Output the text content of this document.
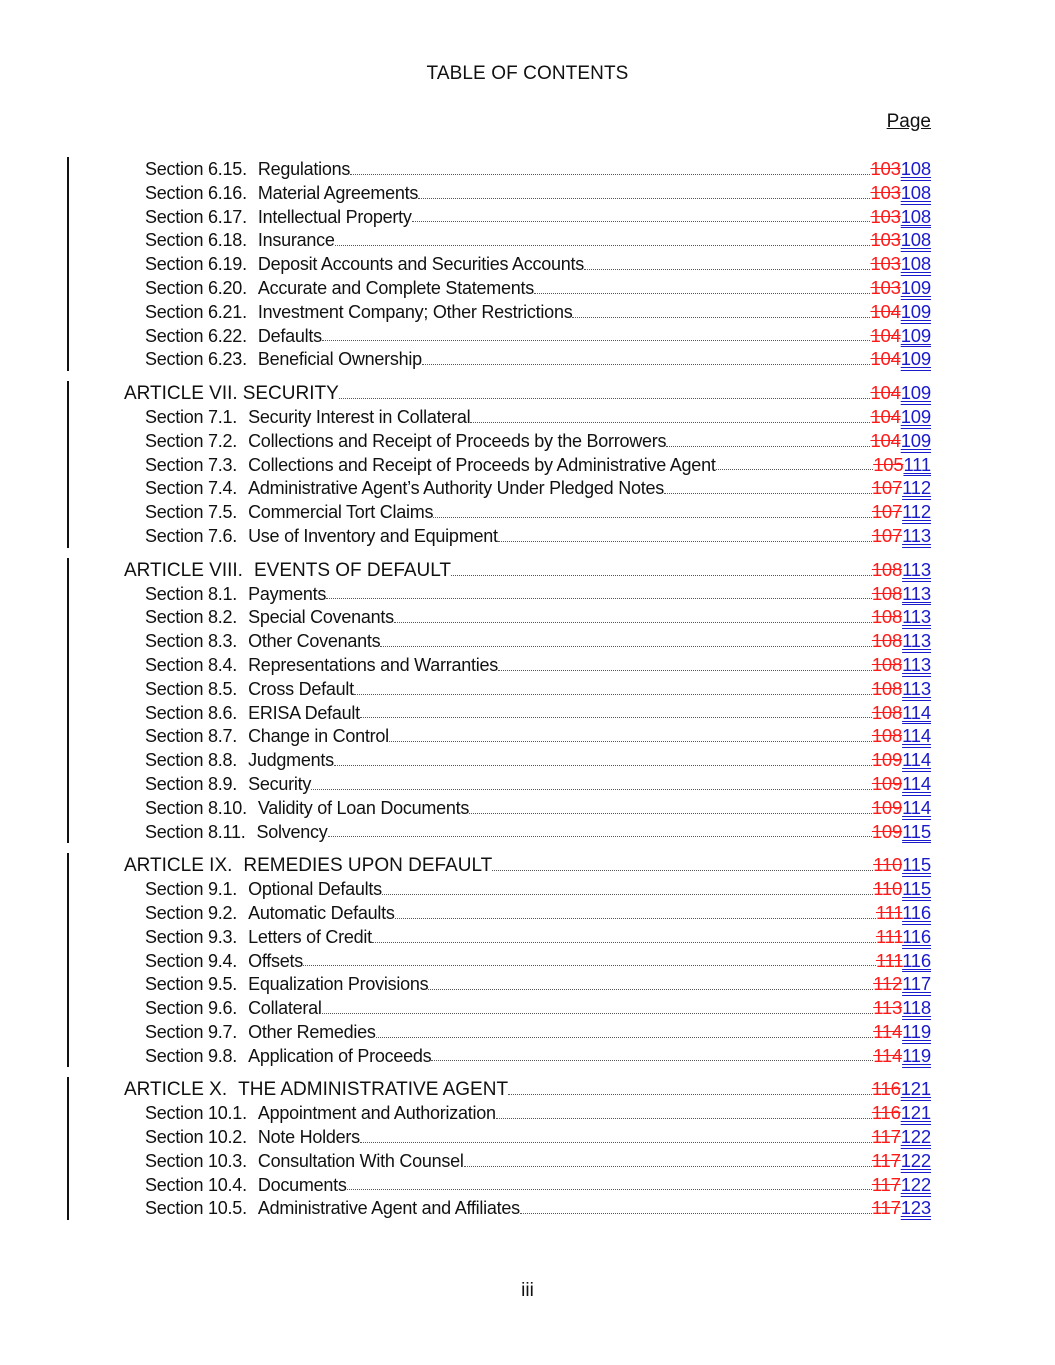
TABLE OF CONTENTS
Page
Section 6.15. Regulations	103108
Section 6.16. Material Agreements	103108
Section 6.17. Intellectual Property	103108
Section 6.18. Insurance	103108
Section 6.19. Deposit Accounts and Securities Accounts	103108
Section 6.20. Accurate and Complete Statements	103109
Section 6.21. Investment Company; Other Restrictions	104109
Section 6.22. Defaults	104109
Section 6.23. Beneficial Ownership	104109
ARTICLE VII. SECURITY	104109
Section 7.1. Security Interest in Collateral	104109
Section 7.2. Collections and Receipt of Proceeds by the Borrowers	104109
Section 7.3. Collections and Receipt of Proceeds by Administrative Agent	105111
Section 7.4. Administrative Agent’s Authority Under Pledged Notes	107112
Section 7.5. Commercial Tort Claims	107112
Section 7.6. Use of Inventory and Equipment	107113
ARTICLE VIII. EVENTS OF DEFAULT	108113
Section 8.1. Payments	108113
Section 8.2. Special Covenants	108113
Section 8.3. Other Covenants	108113
Section 8.4. Representations and Warranties	108113
Section 8.5. Cross Default	108113
Section 8.6. ERISA Default	108114
Section 8.7. Change in Control	108114
Section 8.8. Judgments	109114
Section 8.9. Security	109114
Section 8.10. Validity of Loan Documents	109114
Section 8.11. Solvency	109115
ARTICLE IX. REMEDIES UPON DEFAULT	110115
Section 9.1. Optional Defaults	110115
Section 9.2. Automatic Defaults	111116
Section 9.3. Letters of Credit	111116
Section 9.4. Offsets	111116
Section 9.5. Equalization Provisions	112117
Section 9.6. Collateral	113118
Section 9.7. Other Remedies	114119
Section 9.8. Application of Proceeds	114119
ARTICLE X. THE ADMINISTRATIVE AGENT	116121
Section 10.1. Appointment and Authorization	116121
Section 10.2. Note Holders	117122
Section 10.3. Consultation With Counsel	117122
Section 10.4. Documents	117122
Section 10.5. Administrative Agent and Affiliates	117123
iii
